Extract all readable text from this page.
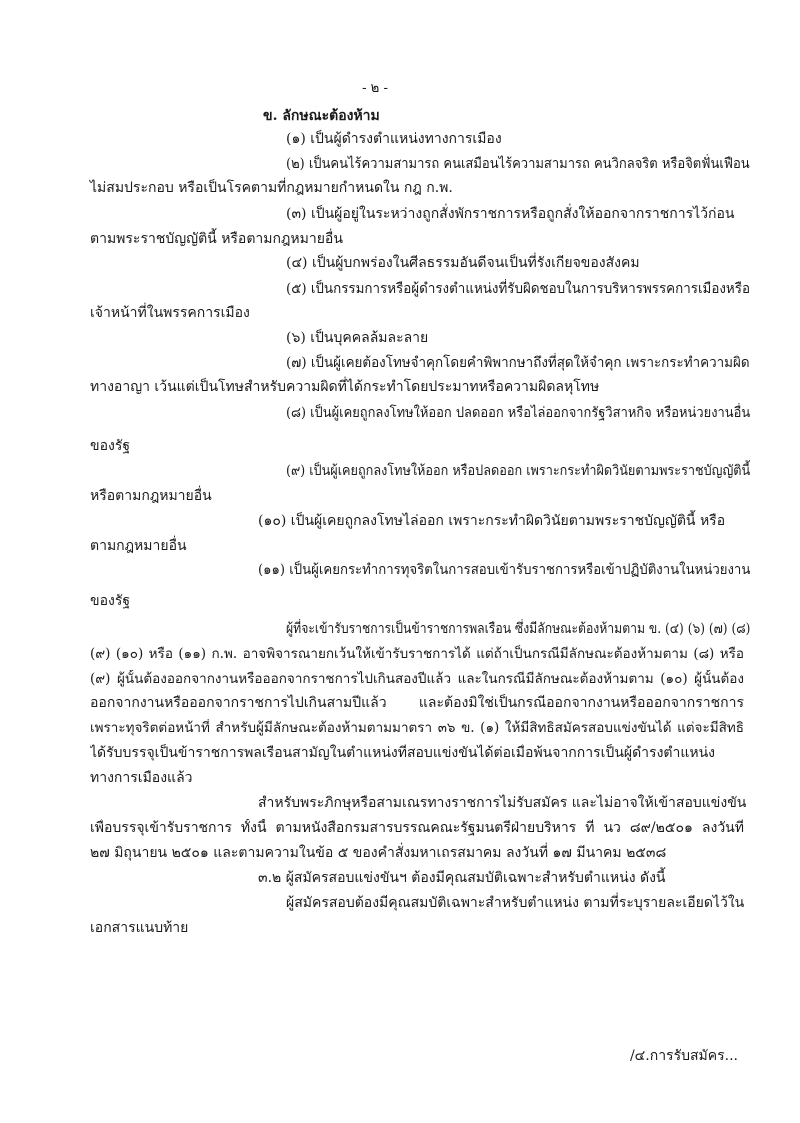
- ๒ -
ข. ลักษณะต้องห้าม
(๑) เป็นผู้ดำรงตำแหน่งทางการเมือง
(๒) เป็นคนไร้ความสามารถ คนเสมือนไร้ความสามารถ คนวิกลจริต หรือจิตฟั่นเฟือน
ไม่สมประกอบ หรือเป็นโรคตามที่กฎหมายกำหนดใน กฎ ก.พ.
(๓) เป็นผู้อยู่ในระหว่างถูกสั่งพักราชการหรือถูกสั่งให้ออกจากราชการไว้ก่อน
ตามพระราชบัญญัตินี้ หรือตามกฎหมายอื่น
(๔) เป็นผู้บกพร่องในศีลธรรมอันดีจนเป็นที่รังเกียจของสังคม
(๕) เป็นกรรมการหรือผู้ดำรงตำแหน่งที่รับผิดชอบในการบริหารพรรคการเมืองหรือ
เจ้าหน้าที่ในพรรคการเมือง
(๖) เป็นบุคคลล้มละลาย
(๗) เป็นผู้เคยต้องโทษจำคุกโดยคำพิพากษาถึงที่สุดให้จำคุก เพราะกระทำความผิด
ทางอาญา เว้นแต่เป็นโทษสำหรับความผิดที่ได้กระทำโดยประมาทหรือความผิดลหุโทษ
(๘) เป็นผู้เคยถูกลงโทษให้ออก ปลดออก หรือไล่ออกจากรัฐวิสาหกิจ หรือหน่วยงานอื่น
ของรัฐ
(๙) เป็นผู้เคยถูกลงโทษให้ออก หรือปลดออก เพราะกระทำผิดวินัยตามพระราชบัญญัตินี้
หรือตามกฎหมายอื่น
(๑๐) เป็นผู้เคยถูกลงโทษไล่ออก เพราะกระทำผิดวินัยตามพระราชบัญญัตินี้ หรือ
ตามกฎหมายอื่น
(๑๑) เป็นผู้เคยกระทำการทุจริตในการสอบเข้ารับราชการหรือเข้าปฏิบัติงานในหน่วยงาน
ของรัฐ
ผู้ที่จะเข้ารับราชการเป็นข้าราชการพลเรือน ซึ่งมีลักษณะต้องห้ามตาม ข. (๔) (๖) (๗) (๘)
(๙) (๑๐) หรือ (๑๑) ก.พ. อาจพิจารณายกเว้นให้เข้ารับราชการได้ แต่ถ้าเป็นกรณีมีลักษณะต้องห้ามตาม (๘) หรือ
(๙) ผู้นั้นต้องออกจากงานหรือออกจากราชการไปเกินสองปีแล้ว และในกรณีมีลักษณะต้องห้ามตาม (๑๐) ผู้นั้นต้อง
ออกจากงานหรือออกจากราชการไปเกินสามปีแล้ว และต้องมิใช่เป็นกรณีออกจากงานหรือออกจากราชการ
เพราะทุจริตต่อหน้าที่ สำหรับผู้มีลักษณะต้องห้ามตามมาตรา ๓๖ ข. (๑) ให้มีสิทธิสมัครสอบแข่งขันได้ แต่จะมีสิทธิ
ได้รับบรรจุเป็นข้าราชการพลเรือนสามัญในตำแหน่งที่สอบแข่งขันได้ต่อเมื่อพ้นจากการเป็นผู้ดำรงตำแหน่ง
ทางการเมืองแล้ว
สำหรับพระภิกษุหรือสามเณรทางราชการไม่รับสมัคร และไม่อาจให้เข้าสอบแข่งขัน
เพื่อบรรจุเข้ารับราชการ ทั้งนี้ ตามหนังสือกรมสารบรรณคณะรัฐมนตรีฝ่ายบริหาร ที่ นว ๘๙/๒๕๐๑ ลงวันที่
๒๗ มิถุนายน ๒๕๐๑ และตามความในข้อ ๕ ของคำสั่งมหาเถรสมาคม ลงวันที่ ๑๗ มีนาคม ๒๕๓๘
๓.๒ ผู้สมัครสอบแข่งขันฯ ต้องมีคุณสมบัติเฉพาะสำหรับตำแหน่ง ดังนี้
ผู้สมัครสอบต้องมีคุณสมบัติเฉพาะสำหรับตำแหน่ง ตามที่ระบุรายละเอียดไว้ใน
เอกสารแนบท้าย
/๔.การรับสมัคร...
